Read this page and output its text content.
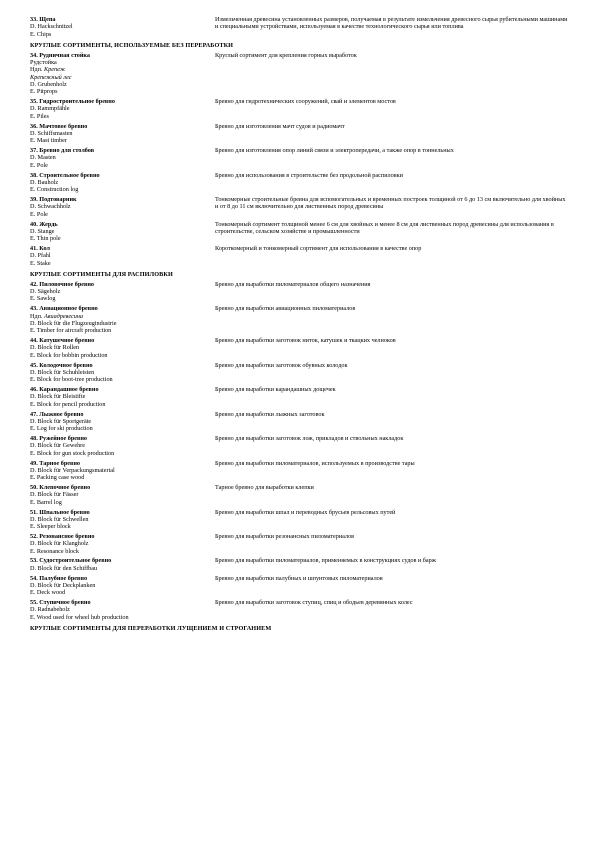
33. Щепа
D. Hackschnitzel
E. Chips
Измельченная древесина установленных размеров, получаемая в результате измельчения древесного сырья рубительными машинами и специальными устройствами, используемая в качестве технологического сырья или топлива
КРУГЛЫЕ СОРТИМЕНТЫ, ИСПОЛЬЗУЕМЫЕ БЕЗ ПЕРЕРАБОТКИ
34. Рудничная стойка
Рудстойка
Ндп. Крепеж
Крепежный лес
D. Grubenholz
E. Pitprops
Круглый сортимент для крепления горных выработок
35. Гидростроительное бревно
D. Rammpfähle
E. Piles
Бревно для гидротехнических сооружений, свай и элементов мостов
36. Мачтовое бревно
D. Schiffsmasten
E. Mast timber
Бревно для изготовления мачт судов и радиомачт
37. Бревно для столбов
D. Masten
E. Pole
Бревно для изготовления опор линий связи и электропередачи, а также опор в тоннельных
38. Строительное бревно
D. Bauholz
E. Construction log
Бревно для использования в строительстве без продольной распиловки
39. Подтоварник
D. Schwachholz
E. Pole
Тонкомерные строительные бревна для вспомогательных и временных построек толщиной от 6 до 13 см включительно для хвойных и от 8 до 11 см включительно для лиственных пород древесины
40. Жердь
D. Stange
E. Thin pole
Тонкомерный сортимент толщиной менее 6 см для хвойных и менее 8 см для лиственных пород древесины для использования в строительстве, сельском хозяйстве и промышленности
41. Кол
D. Pfahl
E. Stake
Короткомерный и тонкомерный сортимент для использования в качестве опор
КРУГЛЫЕ СОРТИМЕНТЫ ДЛЯ РАСПИЛОВКИ
42. Пиловочное бревно
D. Sägeholz
E. Sawlog
Бревно для выработки пиломатериалов общего назначения
43. Авиационное бревно
Ндп. Авиадревесина
D. Block für die Flugzeugindustrie
E. Timber for aircraft production
Бревно для выработки авиационных пиломатериалов
44. Катушечное бревно
D. Block für Rollen
E. Block for bobbin production
Бревно для выработки заготовок ниток, катушек и ткацких челноков
45. Колодочное бревно
D. Block für Schuhleisten
E. Block for boot-tree production
Бревно для выработки заготовок обувных колодок
46. Карандашное бревно
D. Block für Bleistifte
E. Block for pencil production
Бревно для выработки карандашных дощечек
47. Лыжное бревно
D. Block für Sportgeräte
E. Log for ski production
Бревно для выработки лыжных заготовок
48. Ружейное бревно
D. Block für Gewehre
E. Block for gun stock production
Бревно для выработки заготовок лож, прикладов и ствольных накладок
49. Тарное бревно
D. Block für Verpackungsmaterial
E. Packing case wood
Бревно для выработки пиломатериалов, используемых в производстве тары
50. Клепочное бревно
D. Block für Fässer
E. Barrel log
Тарное бревно для выработки клепки
51. Шпальное бревно
D. Block für Schwellen
E. Sleeper block
Бревно для выработки шпал и переводных брусьев рельсовых путей
52. Резонансное бревно
D. Block für Klangholz
E. Resonance block
Бревно для выработки резонансных пиломатериалов
53. Судостроительное бревно
D. Block für den Schiffbau
Бревно для выработки пиломатериалов, применяемых в конструкциях судов и барж
54. Палубное бревно
D. Block für Deckplanken
E. Deck wood
Бревно для выработки палубных и шпунтовых пиломатериалов
55. Ступичное бревно
D. Radnabeholz
E. Wood used for wheel hub production
Бревно для выработки заготовок ступиц, спиц и ободьев деревянных колес
КРУГЛЫЕ СОРТИМЕНТЫ ДЛЯ ПЕРЕРАБОТКИ ЛУЩЕНИЕМ И СТРОГАНИЕМ
